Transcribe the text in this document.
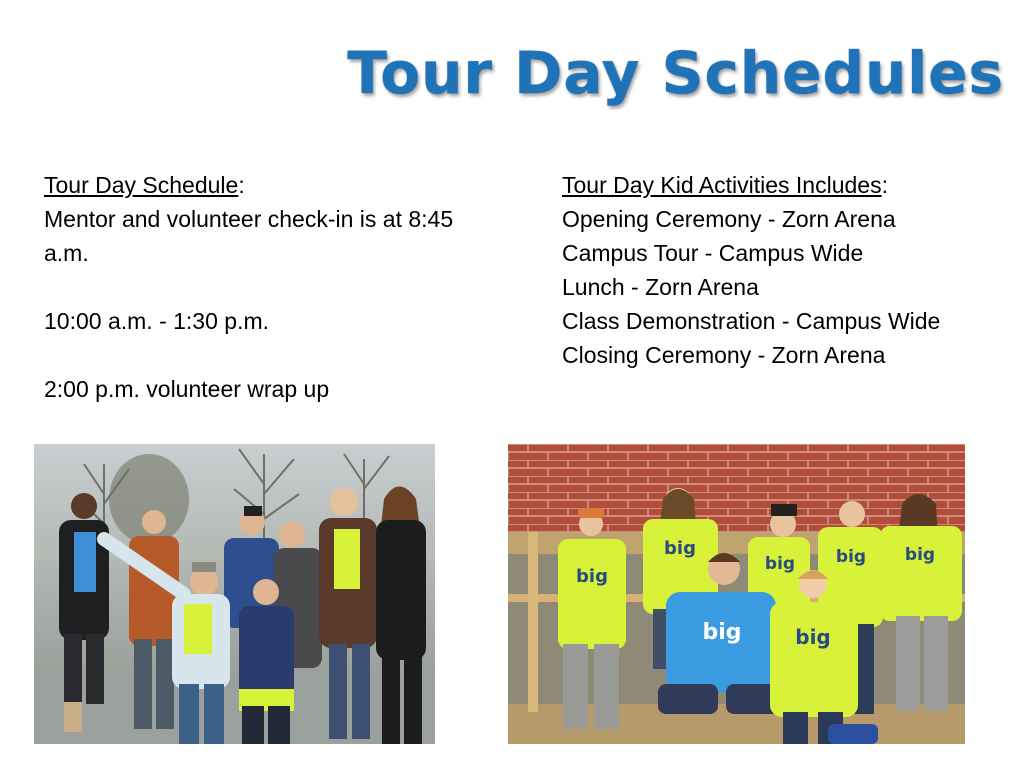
Tour Day Schedules
Tour Day Schedule:
Mentor and volunteer check-in is at 8:45 a.m.
10:00 a.m. - 1:30 p.m.
2:00 p.m. volunteer wrap up
Tour Day Kid Activities Includes:
Opening Ceremony - Zorn Arena
Campus Tour - Campus Wide
Lunch - Zorn Arena
Class Demonstration - Campus Wide
Closing Ceremony - Zorn Arena
big
big
big big big
big	big
